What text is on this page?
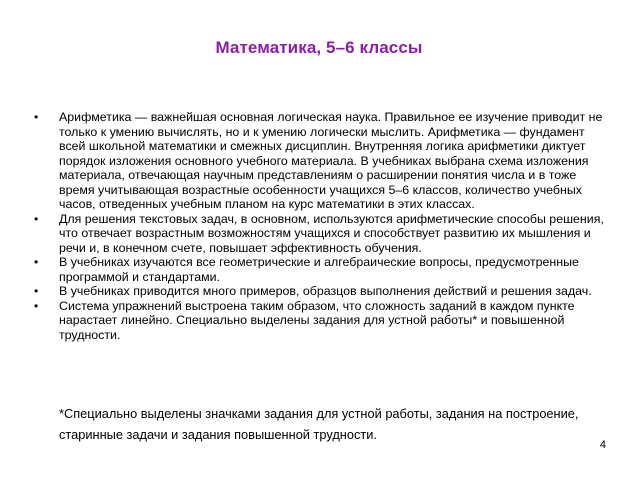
Математика, 5–6 классы
• Арифметика — важнейшая основная логическая наука. Правильное ее изучение приводит не только к умению вычислять, но и к умению логически мыслить. Арифметика — фундамент всей школьной математики и смежных дисциплин. Внутренняя логика арифметики диктует порядок изложения основного учебного материала. В учебниках выбрана схема изложения материала, отвечающая научным представлениям о расширении понятия числа и в тоже время учитывающая возрастные особенности учащихся 5–6 классов, количество учебных часов, отведенных учебным планом на курс математики в этих классах.
• Для решения текстовых задач, в основном, используются арифметические способы решения, что отвечает возрастным возможностям учащихся и способствует развитию их мышления и речи и, в конечном счете, повышает эффективность обучения.
• В учебниках изучаются все геометрические и алгебраические вопросы, предусмотренные программой и стандартами.
• В учебниках приводится много примеров, образцов выполнения действий и решения задач.
• Система упражнений выстроена таким образом, что сложность заданий в каждом пункте нарастает линейно. Специально выделены задания для устной работы* и повышенной трудности.
*Специально выделены значками задания для устной работы, задания на построение, старинные задачи и задания повышенной трудности.
4
